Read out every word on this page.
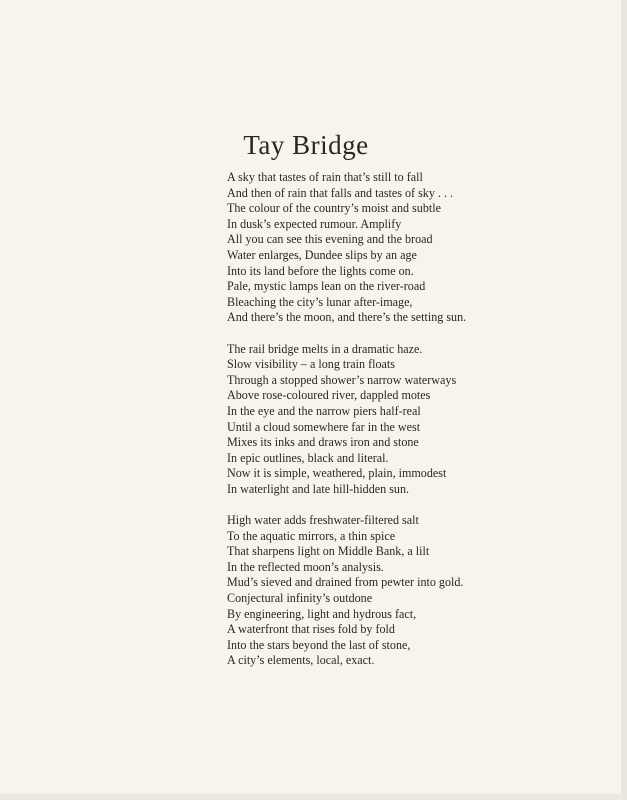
Tay Bridge
A sky that tastes of rain that’s still to fall
And then of rain that falls and tastes of sky . . .
The colour of the country’s moist and subtle
In dusk’s expected rumour. Amplify
All you can see this evening and the broad
Water enlarges, Dundee slips by an age
Into its land before the lights come on.
Pale, mystic lamps lean on the river-road
Bleaching the city’s lunar after-image,
And there’s the moon, and there’s the setting sun.
The rail bridge melts in a dramatic haze.
Slow visibility – a long train floats
Through a stopped shower’s narrow waterways
Above rose-coloured river, dappled motes
In the eye and the narrow piers half-real
Until a cloud somewhere far in the west
Mixes its inks and draws iron and stone
In epic outlines, black and literal.
Now it is simple, weathered, plain, immodest
In waterlight and late hill-hidden sun.
High water adds freshwater-filtered salt
To the aquatic mirrors, a thin spice
That sharpens light on Middle Bank, a lilt
In the reflected moon’s analysis.
Mud’s sieved and drained from pewter into gold.
Conjectural infinity’s outdone
By engineering, light and hydrous fact,
A waterfront that rises fold by fold
Into the stars beyond the last of stone,
A city’s elements, local, exact.
